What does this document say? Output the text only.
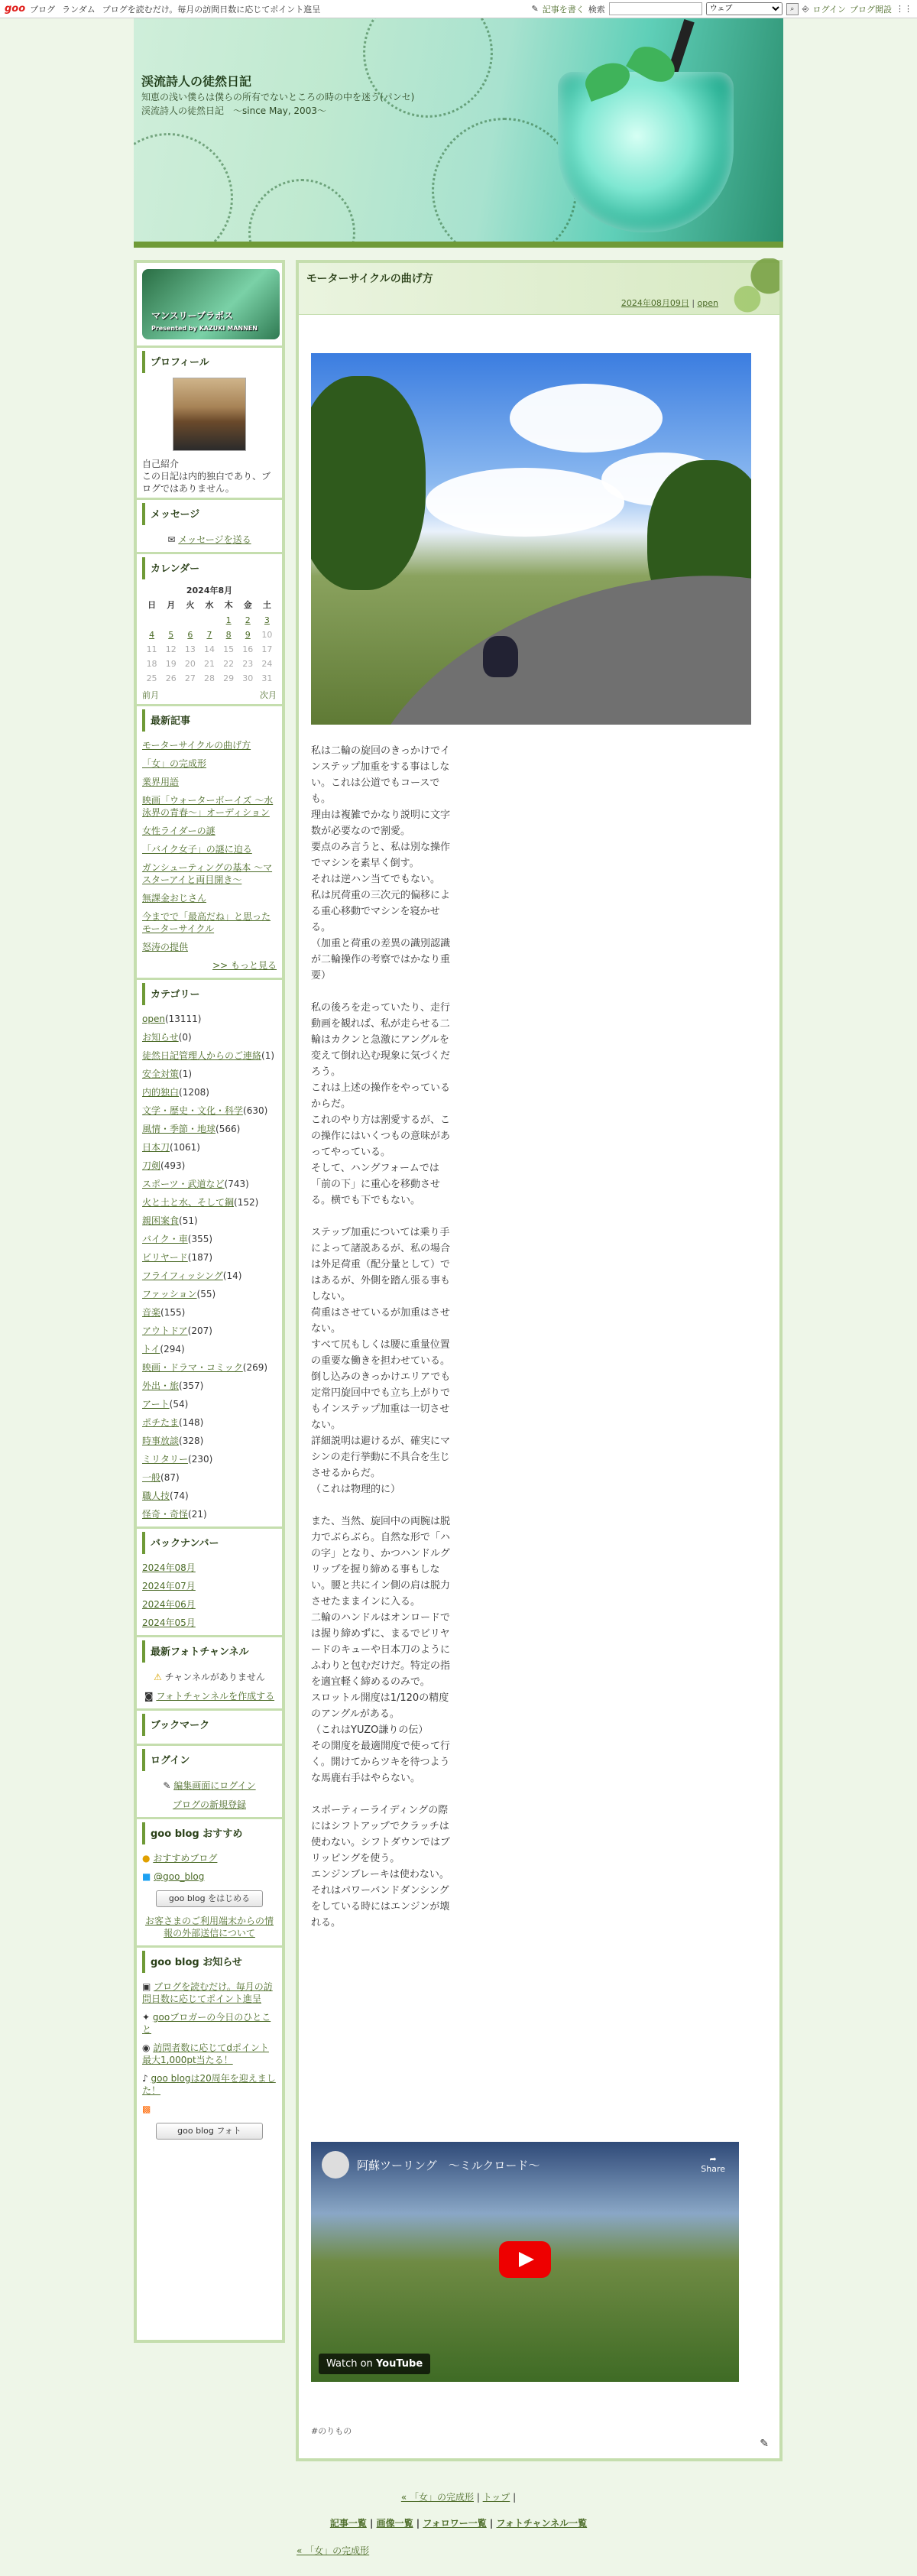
goo ブログ ランダム ブログを読むだけ。毎月の訪問日数に応じてポイント進呈	✎ 記事を書く 検索
ウェブ	⌕ ⎆ ログイン ブログ開設 ⋮⋮
渓流詩人の徒然日記
知恵の浅い僕らは僕らの所有でないところの時の中を迷う(パンセ)　渓流詩人の徒然日記　～since May, 2003～
マンスリーブラポス
Presented by KAZUKI MANNEN
プロフィール
自己紹介
この日記は内的独白であり、ブログではありません。
メッセージ
✉ メッセージを送る
カレンダー
2024年8月
日	月	火	水	木	金	土
				1	2	3
4	5	6	7	8	9	10
11	12	13	14	15	16	17
18	19	20	21	22	23	24
25	26	27	28	29	30	31
前月	次月
最新記事
モーターサイクルの曲げ方
「女」の完成形
業界用語
映画「ウォーターボーイズ ～水泳界の青春～」オーディション
女性ライダーの謎
「バイク女子」の謎に迫る
ガンシューティングの基本 ～マスターアイと両目開き～
無課金おじさん
今までで「最高だね」と思ったモーターサイクル
怒涛の提供
>> もっと見る
カテゴリー
open(13111)
お知らせ(0)
徒然日記管理人からのご連絡(1)
安全対策(1)
内的独白(1208)
文学・歴史・文化・科学(630)
風情・季節・地球(566)
日本刀(1061)
刀剣(493)
スポーツ・武道など(743)
火と土と水、そして鋼(152)
親困案食(51)
バイク・車(355)
ビリヤード(187)
フライフィッシング(14)
ファッション(55)
音楽(155)
アウトドア(207)
トイ(294)
映画・ドラマ・コミック(269)
外出・旅(357)
アート(54)
ポチたま(148)
時事放談(328)
ミリタリー(230)
一般(87)
職人技(74)
怪奇・奇怪(21)
バックナンバー
2024年08月
2024年07月
2024年06月
2024年05月
最新フォトチャンネル
⚠ チャンネルがありません
◙ フォトチャンネルを作成する
ブックマーク
ログイン
✎ 編集画面にログイン
ブログの新規登録
goo blog おすすめ
● おすすめブログ
■ @goo_blog
goo blog をはじめる
お客さまのご利用端末からの情報の外部送信について
goo blog お知らせ
▣ ブログを読むだけ。毎月の訪問日数に応じてポイント進呈
✦ gooブロガーの今日のひとこと
◉ 訪問者数に応じてdポイント最大1,000pt当たる！
♪ goo blogは20周年を迎えました！
▩
goo blog フォト
モーターサイクルの曲げ方
2024年08月09日 | open
私は二輪の旋回のきっかけでインステップ加重をする事はしない。これは公道でもコースでも。
理由は複雑でかなり説明に文字数が必要なので割愛。
要点のみ言うと、私は別な操作でマシンを素早く倒す。
それは逆ハン当てでもない。
私は尻荷重の三次元的偏移による重心移動でマシンを寝かせる。
（加重と荷重の差異の識別認識が二輪操作の考察ではかなり重要）

私の後ろを走っていたり、走行動画を観れば、私が走らせる二輪はカクンと急激にアングルを変えて倒れ込む現象に気づくだろう。
これは上述の操作をやっているからだ。
これのやり方は割愛するが、この操作にはいくつもの意味があってやっている。
そして、ハングフォームでは「前の下」に重心を移動させる。横でも下でもない。

ステップ加重については乗り手によって諸説あるが、私の場合は外足荷重（配分量として）ではあるが、外側を踏ん張る事もしない。
荷重はさせているが加重はさせない。
すべて尻もしくは腰に重量位置の重要な働きを担わせている。
倒し込みのきっかけエリアでも定常円旋回中でも立ち上がりでもインステップ加重は一切させない。
詳細説明は避けるが、確実にマシンの走行挙動に不具合を生じさせるからだ。
（これは物理的に）

また、当然、旋回中の両腕は脱力でぶらぶら。自然な形で「ハの字」となり、かつハンドルグリップを握り締める事もしない。腰と共にイン側の肩は脱力させたままインに入る。
二輪のハンドルはオンロードでは握り締めずに、まるでビリヤードのキューや日本刀のようにふわりと包むだけだ。特定の指を適宜軽く締めるのみで。
スロットル開度は1/120の精度のアングルがある。
（これはYUZO謙りの伝）
その開度を最適開度で使って行く。開けてからツキを待つような馬鹿右手はやらない。

スポーティーライディングの際にはシフトアップでクラッチは使わない。シフトダウンではブリッピングを使う。
エンジンブレーキは使わない。それはパワーバンドダンシングをしている時にはエンジンが壊れる。
阿蘇ツーリング　～ミルクロード～	➦
Share
Watch on YouTube
#のりもの
✎
« 「女」の完成形 | トップ |
記事一覧 | 画像一覧 | フォロワー一覧 | フォトチャンネル一覧
« 「女」の完成形
